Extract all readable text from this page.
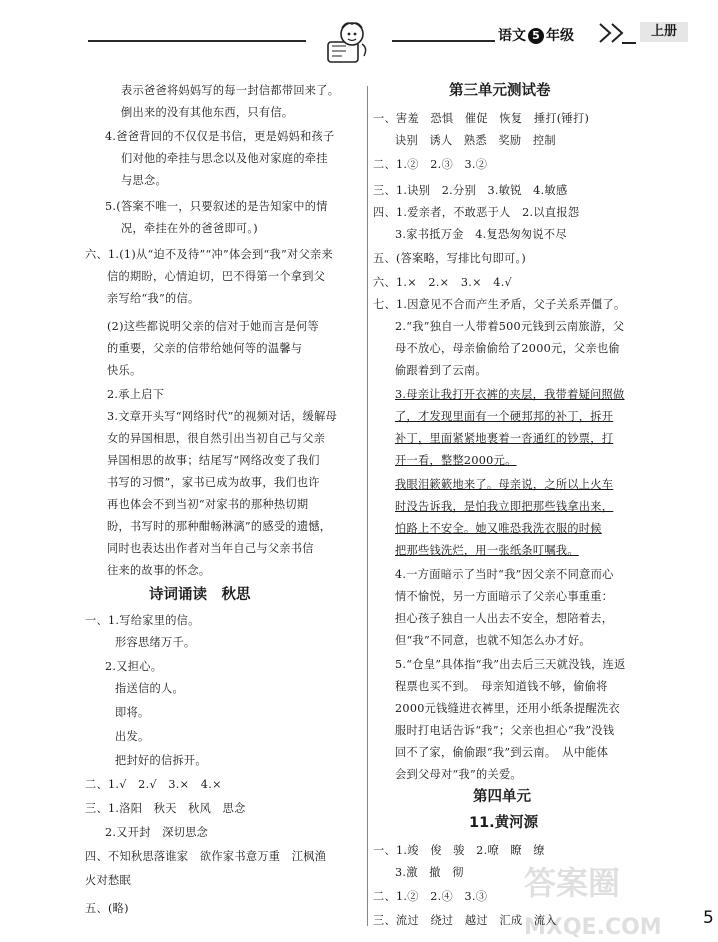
语文 5 年级	上册
表示爸爸将妈妈写的每一封信都带回来了。
倒出来的没有其他东西，只有信。
4.爸爸背回的不仅仅是书信，更是妈妈和孩子
们对他的牵挂与思念以及他对家庭的牵挂
与思念。
5.(答案不唯一，只要叙述的是告知家中的情
况，牵挂在外的爸爸即可。)
六、1.(1)从“迫不及待”“冲”体会到“我”对父亲来
信的期盼，心情迫切，巴不得第一个拿到父
亲写给“我”的信。
(2)这些都说明父亲的信对于她而言是何等
的重要，父亲的信带给她何等的温馨与
快乐。
2.承上启下
3.文章开头写“网络时代”的视频对话，缓解母
女的异国相思，很自然引出当初自己与父亲
异国相思的故事；结尾写“网络改变了我们
书写的习惯”，家书已成为故事，我们也许
再也体会不到当初“对家书的那种热切期
盼，书写时的那种酣畅淋漓”的感受的遗憾，
同时也表达出作者对当年自己与父亲书信
往来的故事的怀念。
诗词诵读　秋思
一、1.写给家里的信。
形容思绪万千。
2.又担心。
指送信的人。
即将。
出发。
把封好的信拆开。
二、1.√　2.√　3.×　4.×
三、1.洛阳　秋天　秋风　思念
2.又开封　深切思念
四、不知秋思落谁家　欲作家书意万重　江枫渔
火对愁眠
五、(略)
第三单元测试卷
一、害羞　恐惧　催促　恢复　捶打(锤打)
诀别　诱人　熟悉　奖励　控制
二、1.②　2.③　3.②
三、1.诀别　2.分别　3.敏锐　4.敏感
四、1.爱亲者，不敢恶于人　2.以直报怨
3.家书抵万金　4.复恐匆匆说不尽
五、(答案略，写排比句即可。)
六、1.×　2.×　3.×　4.√
七、1.因意见不合而产生矛盾，父子关系弄僵了。
2.“我”独自一人带着500元钱到云南旅游，父
母不放心，母亲偷偷给了2000元，父亲也偷
偷跟着到了云南。
3.母亲让我打开衣裤的夹层，我带着疑问照做
了，才发现里面有一个硬邦邦的补丁，拆开
补丁，里面紧紧地裹着一沓通红的钞票，打
开一看，整整2000元。
我眼泪簌簌地来了。母亲说，之所以上火车
时没告诉我，是怕我立即把那些钱拿出来，
怕路上不安全。她又唯恐我洗衣服的时候
把那些钱洗烂，用一张纸条叮嘱我。
4.一方面暗示了当时“我”因父亲不同意而心
情不愉悦，另一方面暗示了父亲心事重重：
担心孩子独自一人出去不安全，想陪着去，
但“我”不同意，也就不知怎么办才好。
5.“仓皇”具体指“我”出去后三天就没钱，连返
程票也买不到。　母亲知道钱不够，偷偷将
2000元钱缝进衣裤里，还用小纸条提醒洗衣
服时打电话告诉“我”；父亲也担心“我”没钱
回不了家，偷偷跟“我”到云南。　从中能体
会到父母对“我”的关爱。
第四单元
11.黄河源
一、1.竣　俊　骏　2.嘹　瞭　缭
3.激　撤　彻　
二、1.②　2.④　3.③
三、流过　绕过　越过　汇成　流入
答案圈
MXQE.COM	5
